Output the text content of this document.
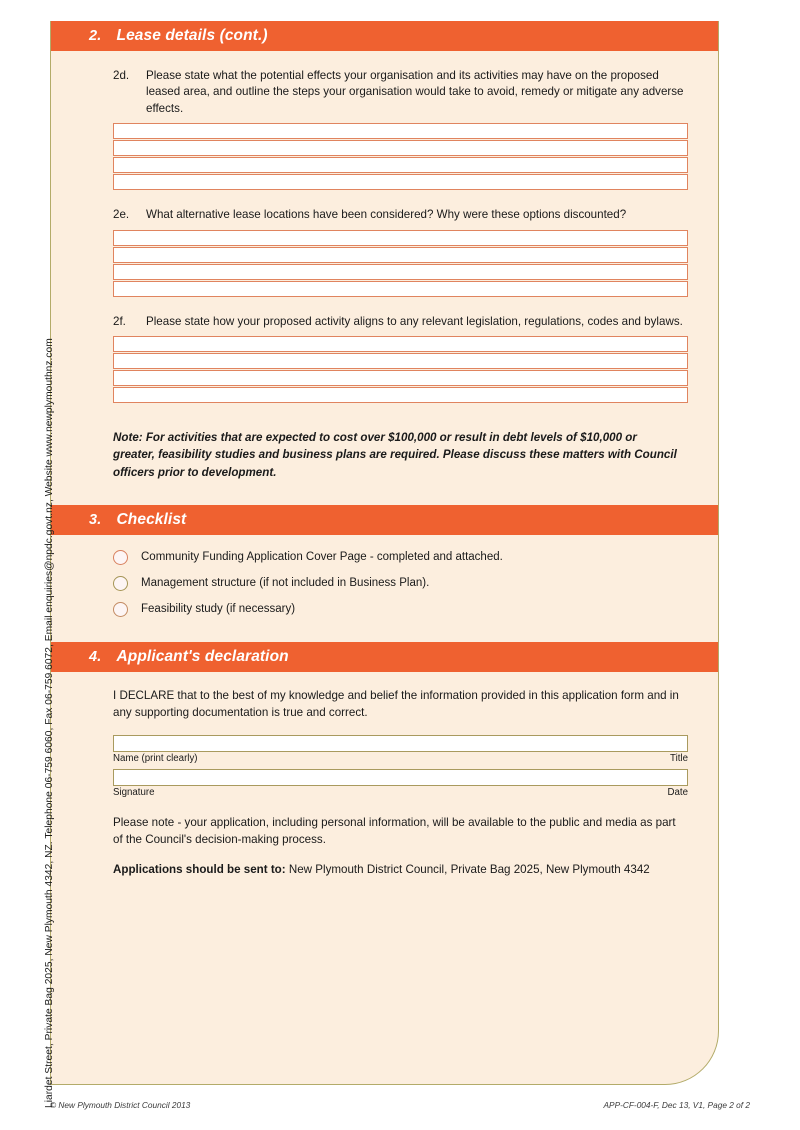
2. Lease details (cont.)
2d.	Please state what the potential effects your organisation and its activities may have on the proposed leased area, and outline the steps your organisation would take to avoid, remedy or mitigate any adverse effects.
2e.	What alternative lease locations have been considered? Why were these options discounted?
2f.	Please state how your proposed activity aligns to any relevant legislation, regulations, codes and bylaws.
Note: For activities that are expected to cost over $100,000 or result in debt levels of $10,000 or greater, feasibility studies and business plans are required. Please discuss these matters with Council officers prior to development.
3. Checklist
Community Funding Application Cover Page - completed and attached.
Management structure (if not included in Business Plan).
Feasibility study (if necessary)
4. Applicant's declaration
I DECLARE that to the best of my knowledge and belief the information provided in this application form and in any supporting documentation is true and correct.
Name (print clearly)	Title
Signature	Date
Please note - your application, including personal information, will be available to the public and media as part of the Council's decision-making process.
Applications should be sent to: New Plymouth District Council, Private Bag 2025, New Plymouth 4342
Liardet Street, Private Bag 2025, New Plymouth 4342, NZ. Telephone 06-759 6060, Fax 06-759 6072, Email enquiries@npdc.govt.nz, Website www.newplymouthnz.com
© New Plymouth District Council 2013	APP-CF-004-F, Dec 13, V1, Page 2 of 2
